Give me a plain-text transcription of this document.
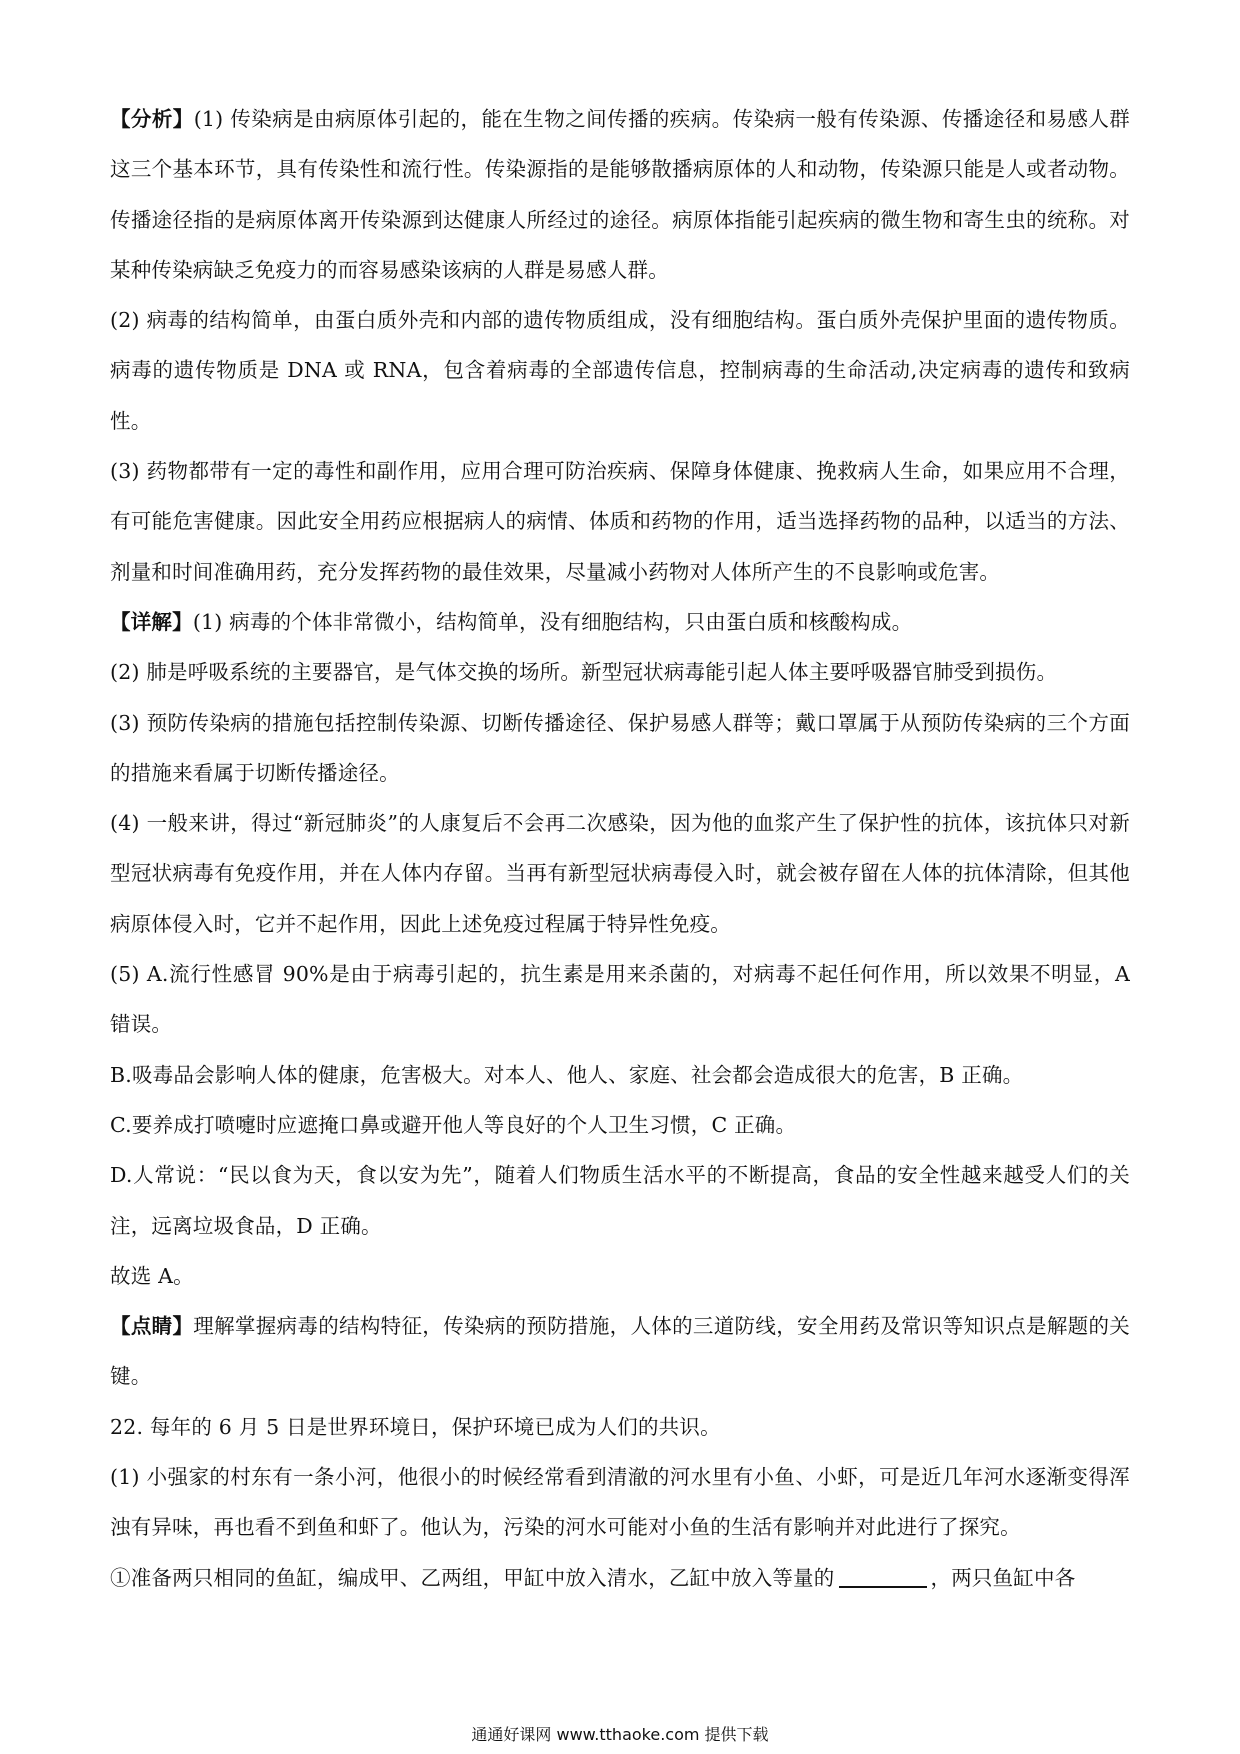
【分析】(1) 传染病是由病原体引起的，能在生物之间传播的疾病。传染病一般有传染源、传播途径和易感人群这三个基本环节，具有传染性和流行性。传染源指的是能够散播病原体的人和动物，传染源只能是人或者动物。传播途径指的是病原体离开传染源到达健康人所经过的途径。病原体指能引起疾病的微生物和寄生虫的统称。对某种传染病缺乏免疫力的而容易感染该病的人群是易感人群。

(2) 病毒的结构简单，由蛋白质外壳和内部的遗传物质组成，没有细胞结构。蛋白质外壳保护里面的遗传物质。病毒的遗传物质是 DNA 或 RNA，包含着病毒的全部遗传信息，控制病毒的生命活动,决定病毒的遗传和致病性。

(3) 药物都带有一定的毒性和副作用，应用合理可防治疾病、保障身体健康、挽救病人生命，如果应用不合理，有可能危害健康。因此安全用药应根据病人的病情、体质和药物的作用，适当选择药物的品种，以适当的方法、剂量和时间准确用药，充分发挥药物的最佳效果，尽量减小药物对人体所产生的不良影响或危害。

【详解】(1) 病毒的个体非常微小，结构简单，没有细胞结构，只由蛋白质和核酸构成。

(2) 肺是呼吸系统的主要器官，是气体交换的场所。新型冠状病毒能引起人体主要呼吸器官肺受到损伤。

(3) 预防传染病的措施包括控制传染源、切断传播途径、保护易感人群等；戴口罩属于从预防传染病的三个方面的措施来看属于切断传播途径。

(4) 一般来讲，得过“新冠肺炎”的人康复后不会再二次感染，因为他的血浆产生了保护性的抗体，该抗体只对新型冠状病毒有免疫作用，并在人体内存留。当再有新型冠状病毒侵入时，就会被存留在人体的抗体清除，但其他病原体侵入时，它并不起作用，因此上述免疫过程属于特异性免疫。

(5) A.流行性感冒 90%是由于病毒引起的，抗生素是用来杀菌的，对病毒不起任何作用，所以效果不明显，A 错误。

B.吸毒品会影响人体的健康，危害极大。对本人、他人、家庭、社会都会造成很大的危害，B 正确。

C.要养成打喷嚏时应遮掩口鼻或避开他人等良好的个人卫生习惯，C 正确。

D.人常说：“民以食为天，食以安为先”，随着人们物质生活水平的不断提高，食品的安全性越来越受人们的关注，远离垃圾食品，D 正确。

故选 A。

【点睛】理解掌握病毒的结构特征，传染病的预防措施，人体的三道防线，安全用药及常识等知识点是解题的关键。

22. 每年的 6 月 5 日是世界环境日，保护环境已成为人们的共识。

(1) 小强家的村东有一条小河，他很小的时候经常看到清澈的河水里有小鱼、小虾，可是近几年河水逐渐变得浑浊有异味，再也看不到鱼和虾了。他认为，污染的河水可能对小鱼的生活有影响并对此进行了探究。

①准备两只相同的鱼缸，编成甲、乙两组，甲缸中放入清水，乙缸中放入等量的	，两只鱼缸中各

通通好课网 www.tthaoke.com 提供下载
